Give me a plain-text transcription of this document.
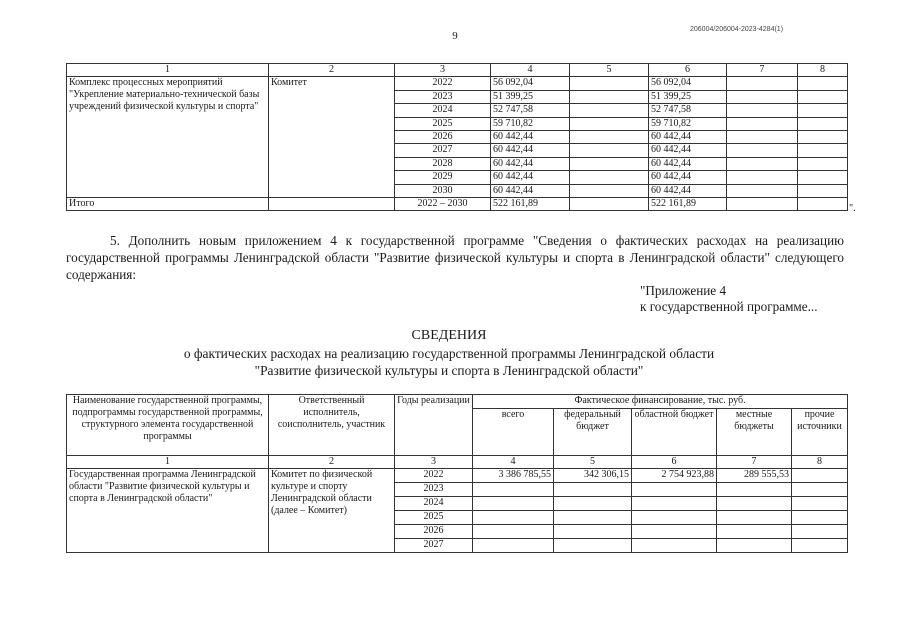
9
206004/206004-2023-4284(1)
1	2	3	4	5	6	7	8
Комплекс процессных мероприятий "Укрепление материально-технической базы учреждений физической культуры и спорта"	Комитет	2022	56 092,04		56 092,04		
		2023	51 399,25		51 399,25		
		2024	52 747,58		52 747,58		
		2025	59 710,82		59 710,82		
		2026	60 442,44		60 442,44		
		2027	60 442,44		60 442,44		
		2028	60 442,44		60 442,44		
		2029	60 442,44		60 442,44		
		2030	60 442,44		60 442,44		
Итого		2022 – 2030	522 161,89		522 161,89			".

5. Дополнить новым приложением 4 к государственной программе "Сведения о фактических расходах на реализацию государственной программы Ленинградской области "Развитие физической культуры и спорта в Ленинградской области" следующего содержания:

"Приложение 4
к государственной программе...
СВЕДЕНИЯ
о фактических расходах на реализацию государственной программы Ленинградской области
"Развитие физической культуры и спорта в Ленинградской области"
Наименование государственной программы, подпрограммы государственной программы, структурного элемента государственной программы	Ответственный исполнитель, соисполнитель, участник	Годы реализации	Фактическое финансирование, тыс. руб.				
			всего	федеральный бюджет	областной бюджет	местные бюджеты	прочие источники
1	2	3	4	5	6	7	8
Государственная программа Ленинградской области "Развитие физической культуры и спорта в Ленинградской области"	Комитет по физической культуре и спорту Ленинградской области (далее – Комитет)	2022	3 386 785,55	342 306,15	2 754 923,88	289 555,53	
		2023					
		2024					
		2025					
		2026					
		2027					
